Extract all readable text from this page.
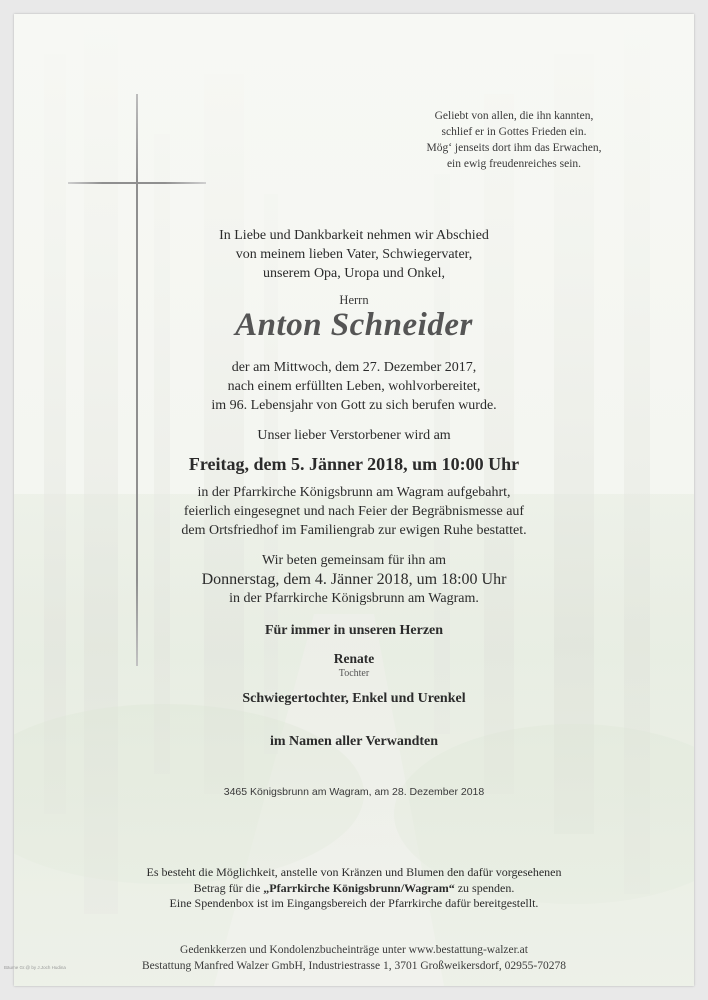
Geliebt von allen, die ihn kannten,
schlief er in Gottes Frieden ein.
Mög‘ jenseits dort ihm das Erwachen,
ein ewig freudenreiches sein.
In Liebe und Dankbarkeit nehmen wir Abschied
von meinem lieben Vater, Schwiegervater,
unserem Opa, Uropa und Onkel,
Herrn
Anton Schneider
der am Mittwoch, dem 27. Dezember 2017,
nach einem erfüllten Leben, wohlvorbereitet,
im 96. Lebensjahr von Gott zu sich berufen wurde.
Unser lieber Verstorbener wird am
Freitag, dem 5. Jänner 2018, um 10:00 Uhr
in der Pfarrkirche Königsbrunn am Wagram aufgebahrt,
feierlich eingesegnet und nach Feier der Begräbnismesse auf
dem Ortsfriedhof im Familiengrab zur ewigen Ruhe bestattet.
Wir beten gemeinsam für ihn am
Donnerstag, dem 4. Jänner 2018, um 18:00 Uhr
in der Pfarrkirche Königsbrunn am Wagram.
Für immer in unseren Herzen
Renate
Tochter
Schwiegertochter, Enkel und Urenkel
im Namen aller Verwandten
3465 Königsbrunn am Wagram, am 28. Dezember 2018
Es besteht die Möglichkeit, anstelle von Kränzen und Blumen den dafür vorgesehenen
Betrag für die „Pfarrkirche Königsbrunn/Wagram“ zu spenden.
Eine Spendenbox ist im Eingangsbereich der Pfarrkirche dafür bereitgestellt.
Gedenkkerzen und Kondolenzbucheinträge unter www.bestattung-walzer.at
Bestattung Manfred Walzer GmbH, Industriestrasse 1, 3701 Großweikersdorf, 02955-70278
Bäume Gr.@ by J.Joch Hudina
